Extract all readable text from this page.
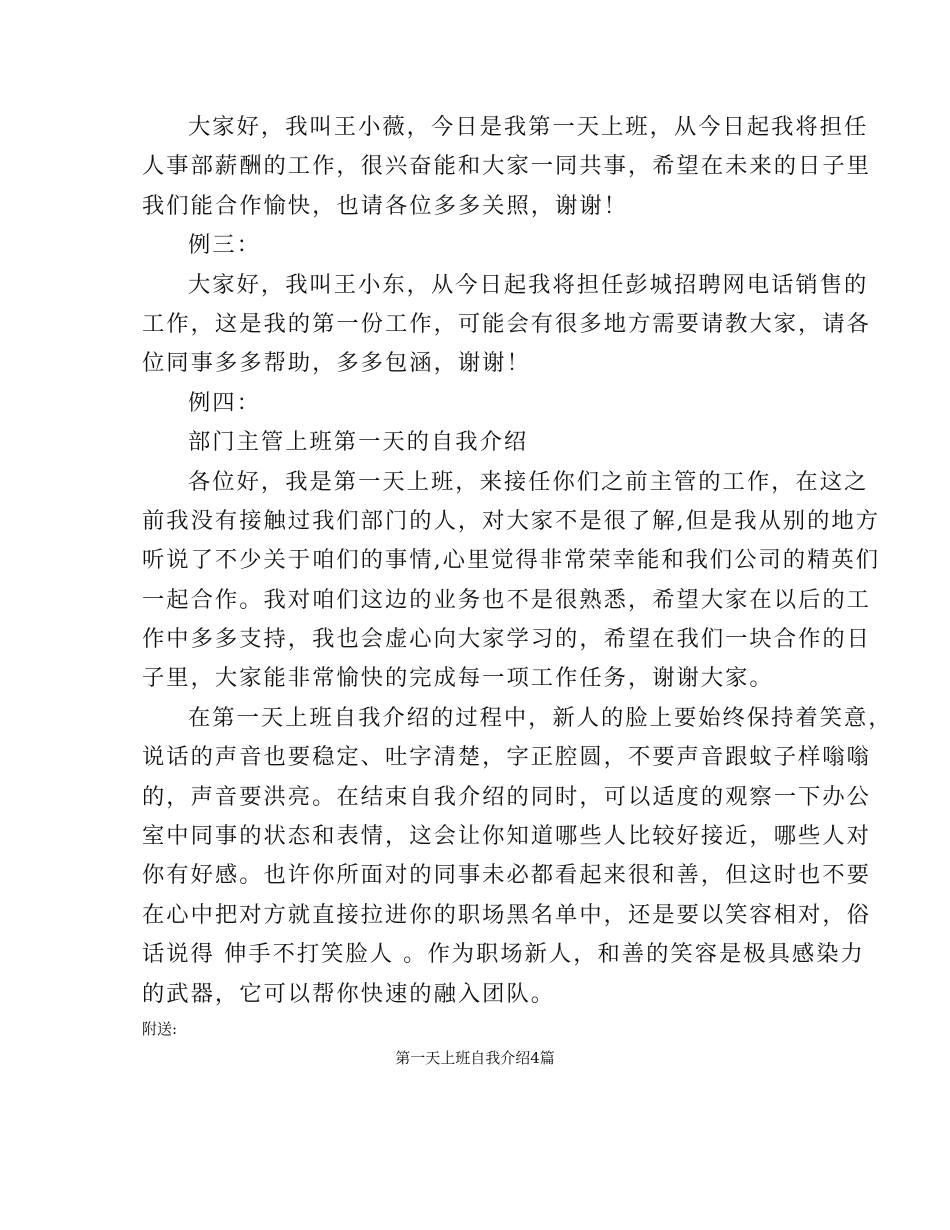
大家好，我叫王小薇，今日是我第一天上班，从今日起我将担任
人事部薪酬的工作，很兴奋能和大家一同共事，希望在未来的日子里
我们能合作愉快，也请各位多多关照，谢谢！
例三：
大家好，我叫王小东，从今日起我将担任彭城招聘网电话销售的
工作，这是我的第一份工作，可能会有很多地方需要请教大家，请各
位同事多多帮助，多多包涵，谢谢！
例四：
部门主管上班第一天的自我介绍
各位好，我是第一天上班，来接任你们之前主管的工作，在这之
前我没有接触过我们部门的人，对大家不是很了解,但是我从别的地方
听说了不少关于咱们的事情,心里觉得非常荣幸能和我们公司的精英们
一起合作。我对咱们这边的业务也不是很熟悉，希望大家在以后的工
作中多多支持，我也会虚心向大家学习的，希望在我们一块合作的日
子里，大家能非常愉快的完成每一项工作任务，谢谢大家。
在第一天上班自我介绍的过程中，新人的脸上要始终保持着笑意，
说话的声音也要稳定、吐字清楚，字正腔圆，不要声音跟蚊子样嗡嗡
的，声音要洪亮。在结束自我介绍的同时，可以适度的观察一下办公
室中同事的状态和表情，这会让你知道哪些人比较好接近，哪些人对
你有好感。也许你所面对的同事未必都看起来很和善，但这时也不要
在心中把对方就直接拉进你的职场黑名单中，还是要以笑容相对，俗
话说得 伸手不打笑脸人 。作为职场新人，和善的笑容是极具感染力
的武器，它可以帮你快速的融入团队。
附送:
第一天上班自我介绍4篇
